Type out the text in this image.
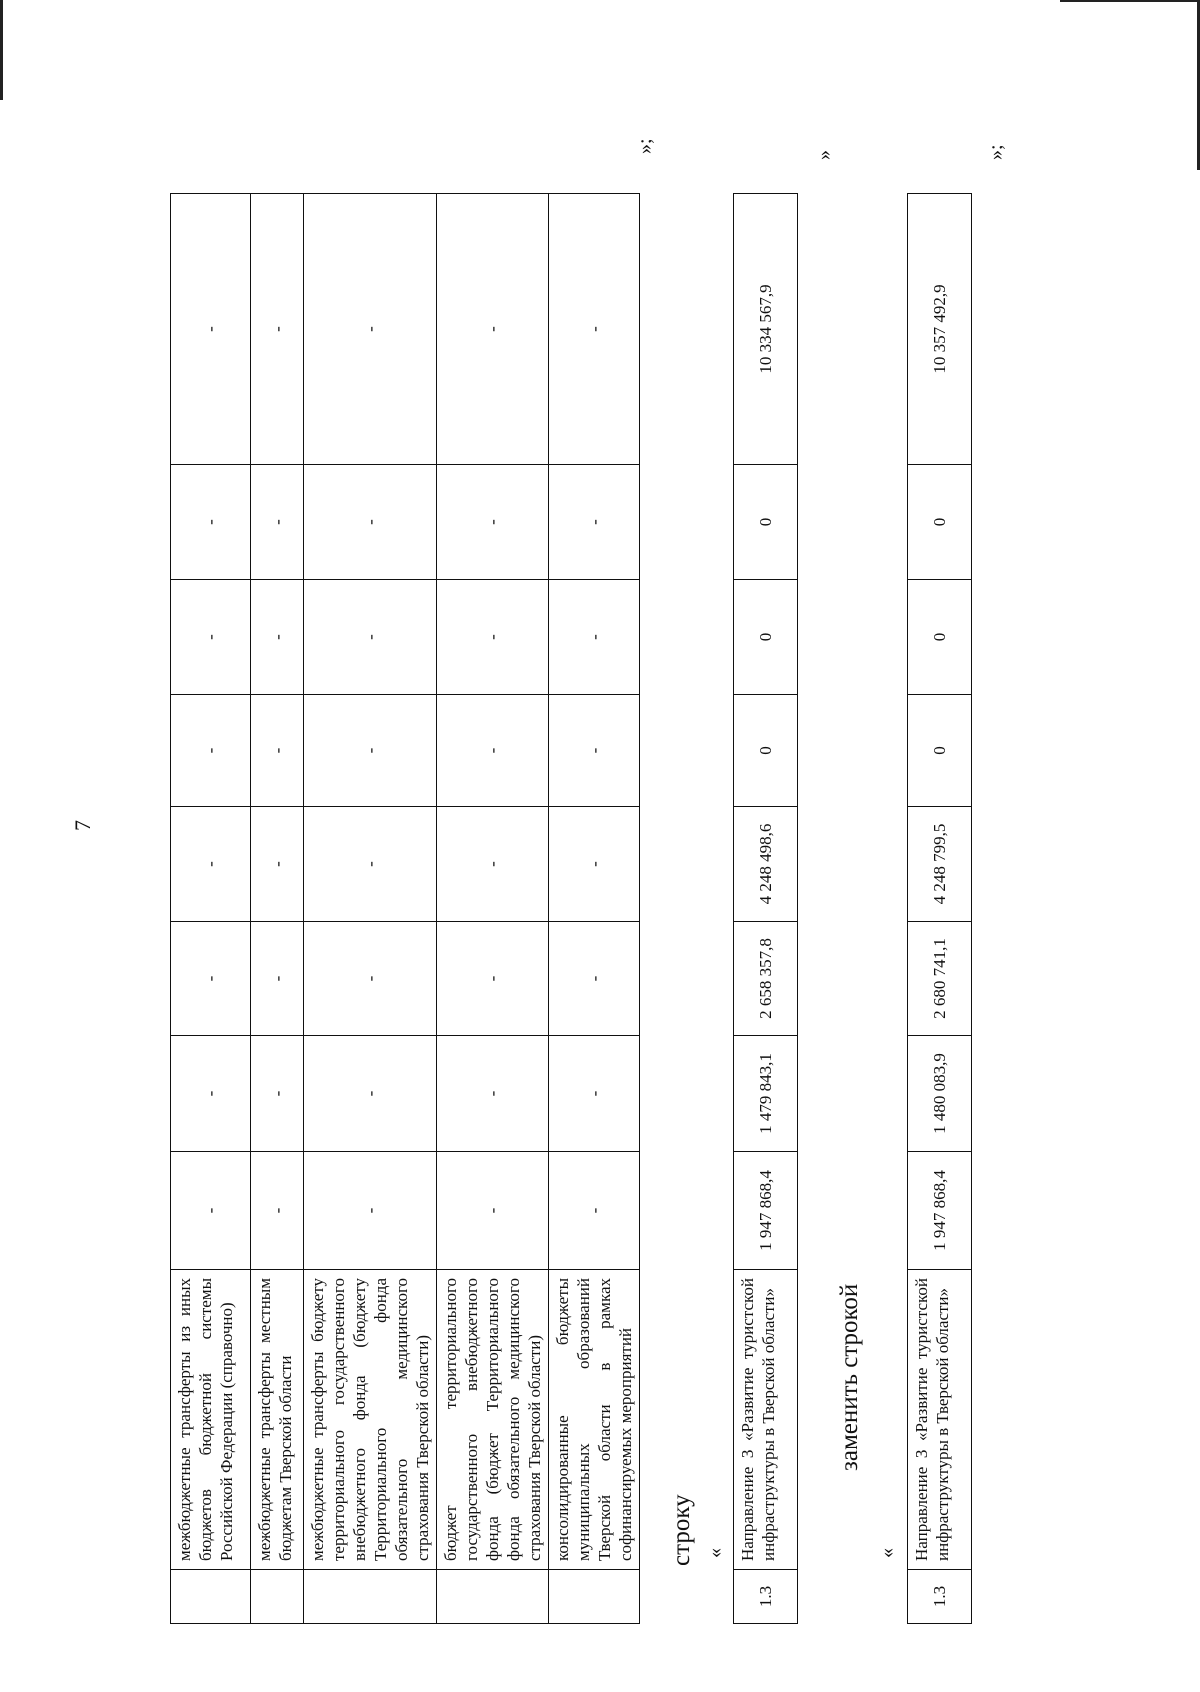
7
	межбюджетные трансферты из иных бюджетов бюджетной системы Российской Федерации (справочно)	-	-	-	-	-	-	-	-
	межбюджетные трансферты местным бюджетам Тверской области	-	-	-	-	-	-	-	-
	межбюджетные трансферты бюджету территориального государственного внебюджетного фонда (бюджету Территориального фонда обязательного медицинского страхования Тверской области)	-	-	-	-	-	-	-	-
	бюджет территориального государственного внебюджетного фонда (бюджет Территориального фонда обязательного медицинского страхования Тверской области)	-	-	-	-	-	-	-	-
	консолидированные бюджеты муниципальных образований Тверской области в рамках софинансируемых мероприятий	-	-	-	-	-	-	-	-
»;
строку «
1.3	Направление 3 «Развитие туристской инфраструктуры в Тверской области»	1 947 868,4	1 479 843,1	2 658 357,8	4 248 498,6	0	0	0	10 334 567,9
»
заменить строкой
«
1.3	Направление 3 «Развитие туристской инфраструктуры в Тверской области»	1 947 868,4	1 480 083,9	2 680 741,1	4 248 799,5	0	0	0	10 357 492,9
»;
